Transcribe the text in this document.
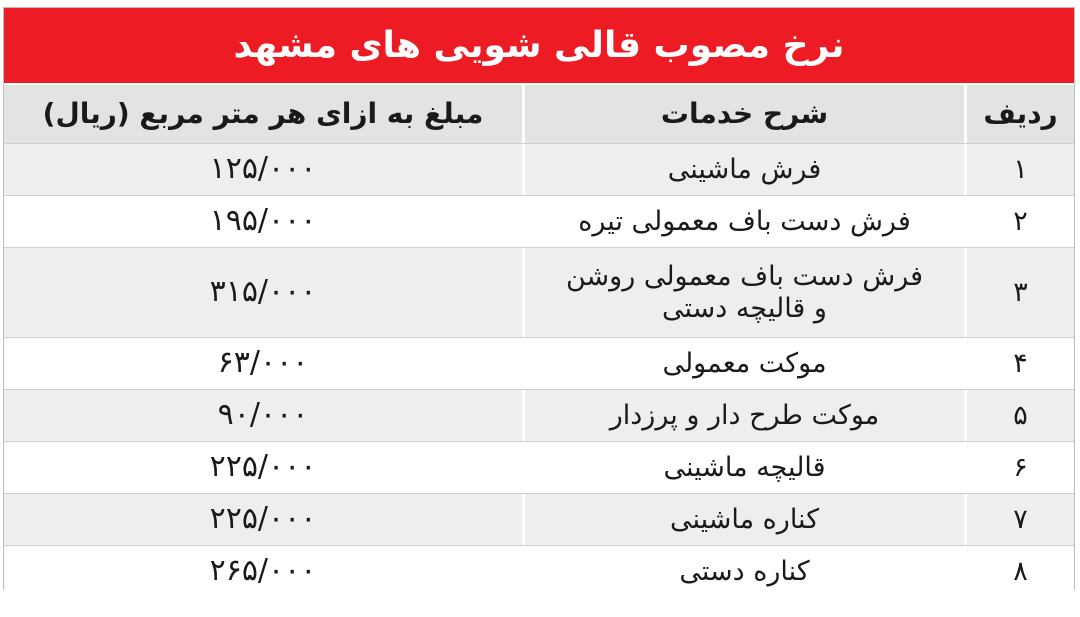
نرخ مصوب قالی شویی های مشهد
ردیف
شرح خدمات
مبلغ به ازای هر متر مربع (ریال)
۱
فرش ماشینی
۱۲۵/۰۰۰
۲
فرش دست باف معمولی تیره
۱۹۵/۰۰۰
۳
فرش دست باف معمولی روشن و قالیچه دستی
۳۱۵/۰۰۰
۴
موکت معمولی
۶۳/۰۰۰
۵
موکت طرح دار و پرزدار
۹۰/۰۰۰
۶
قالیچه ماشینی
۲۲۵/۰۰۰
۷
کناره ماشینی
۲۲۵/۰۰۰
۸
کناره دستی
۲۶۵/۰۰۰
